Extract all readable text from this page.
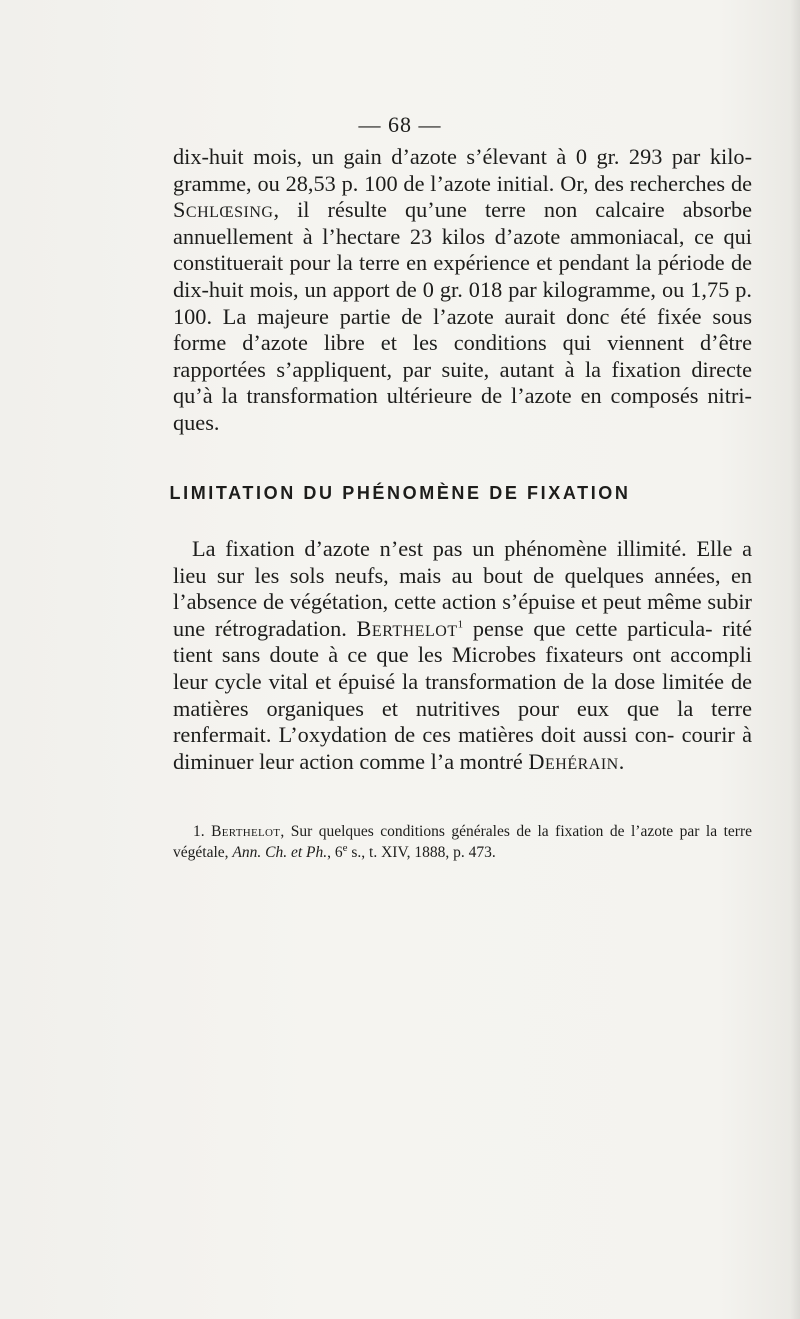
— 68 —
dix-huit mois, un gain d’azote s’élevant à 0 gr. 293 par kilo- gramme, ou 28,53 p. 100 de l’azote initial. Or, des recherches de Schlœsing, il résulte qu’une terre non calcaire absorbe annuellement à l’hectare 23 kilos d’azote ammoniacal, ce qui constituerait pour la terre en expérience et pendant la période de dix-huit mois, un apport de 0 gr. 018 par kilogramme, ou 1,75 p. 100. La majeure partie de l’azote aurait donc été fixée sous forme d’azote libre et les conditions qui viennent d’être rapportées s’appliquent, par suite, autant à la fixation directe qu’à la transformation ultérieure de l’azote en composés nitri- ques.
LIMITATION DU PHÉNOMÈNE DE FIXATION
La fixation d’azote n’est pas un phénomène illimité. Elle a lieu sur les sols neufs, mais au bout de quelques années, en l’absence de végétation, cette action s’épuise et peut même subir une rétrogradation. Berthelot$^1$ pense que cette particula- rité tient sans doute à ce que les Microbes fixateurs ont accompli leur cycle vital et épuisé la transformation de la dose limitée de matières organiques et nutritives pour eux que la terre renfermait. L’oxydation de ces matières doit aussi con- courir à diminuer leur action comme l’a montré Dehérain.

1. Berthelot, Sur quelques conditions générales de la fixation de l’azote par la terre végétale, Ann. Ch. et Ph., 6e s., t. XIV, 1888, p. 473.
